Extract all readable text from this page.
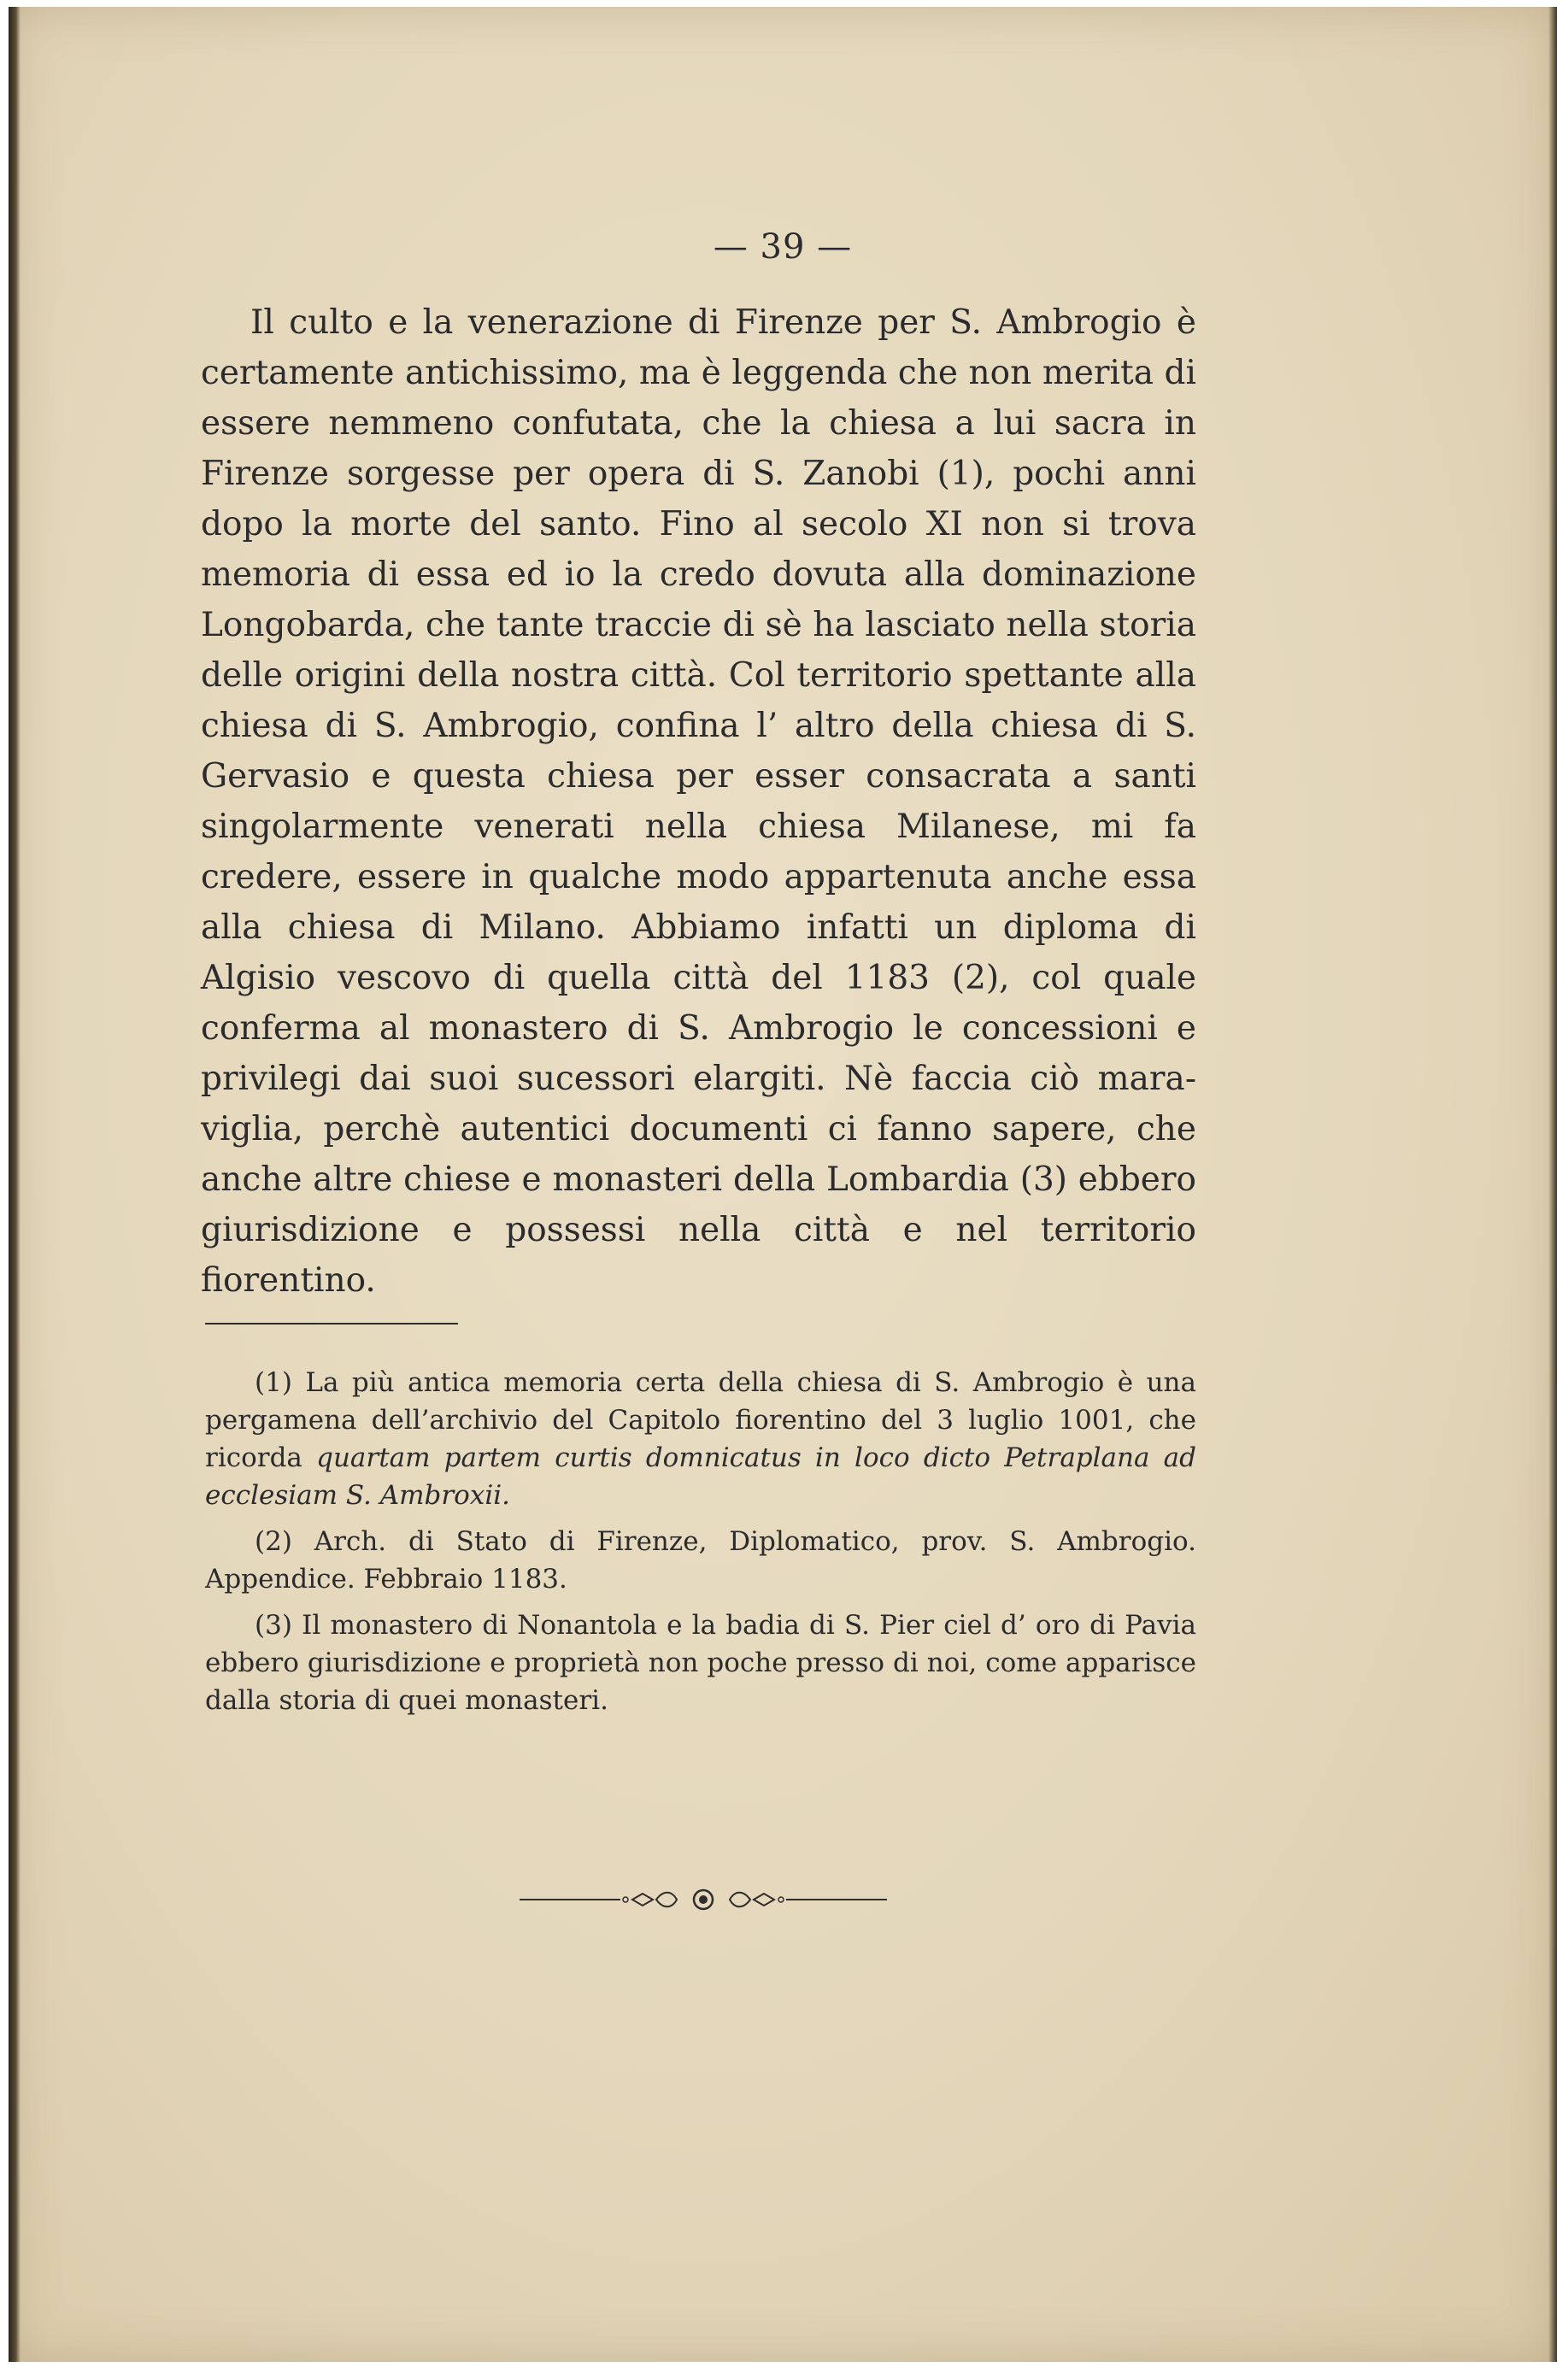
— 39 —
Il culto e la venerazione di Firenze per S. Ambrogio è certamente antichissimo, ma è leggenda che non merita di essere nemmeno confutata, che la chiesa a lui sacra in Firenze sorgesse per opera di S. Zanobi (1), pochi anni dopo la morte del santo. Fino al secolo XI non si trova memoria di essa ed io la credo dovuta alla dominazione Longobarda, che tante traccie di sè ha lasciato nella storia delle origini della nostra città. Col territorio spettante alla chiesa di S. Ambrogio, confina l’ altro della chiesa di S. Gervasio e questa chiesa per esser consacrata a santi singolarmente venerati nella chiesa Milanese, mi fa credere, essere in qualche modo appartenuta anche essa alla chiesa di Milano. Abbiamo infatti un diploma di Algisio vescovo di quella città del 1183 (2), col quale conferma al monastero di S. Ambrogio le concessioni e privilegi dai suoi sucessori elargiti. Nè faccia ciò maraviglia, perchè autentici documenti ci fanno sapere, che anche altre chiese e monasteri della Lombardia (3) ebbero giurisdizione e possessi nella città e nel territorio fiorentino.

(1) La più antica memoria certa della chiesa di S. Ambrogio è una pergamena dell’archivio del Capitolo fiorentino del 3 luglio 1001, che ricorda quartam partem curtis domnicatus in loco dicto Petraplana ad ecclesiam S. Ambroxii.

(2) Arch. di Stato di Firenze, Diplomatico, prov. S. Ambrogio. Appendice. Febbraio 1183.

(3) Il monastero di Nonantola e la badia di S. Pier ciel d’ oro di Pavia ebbero giurisdizione e proprietà non poche presso di noi, come apparisce dalla storia di quei monasteri.
